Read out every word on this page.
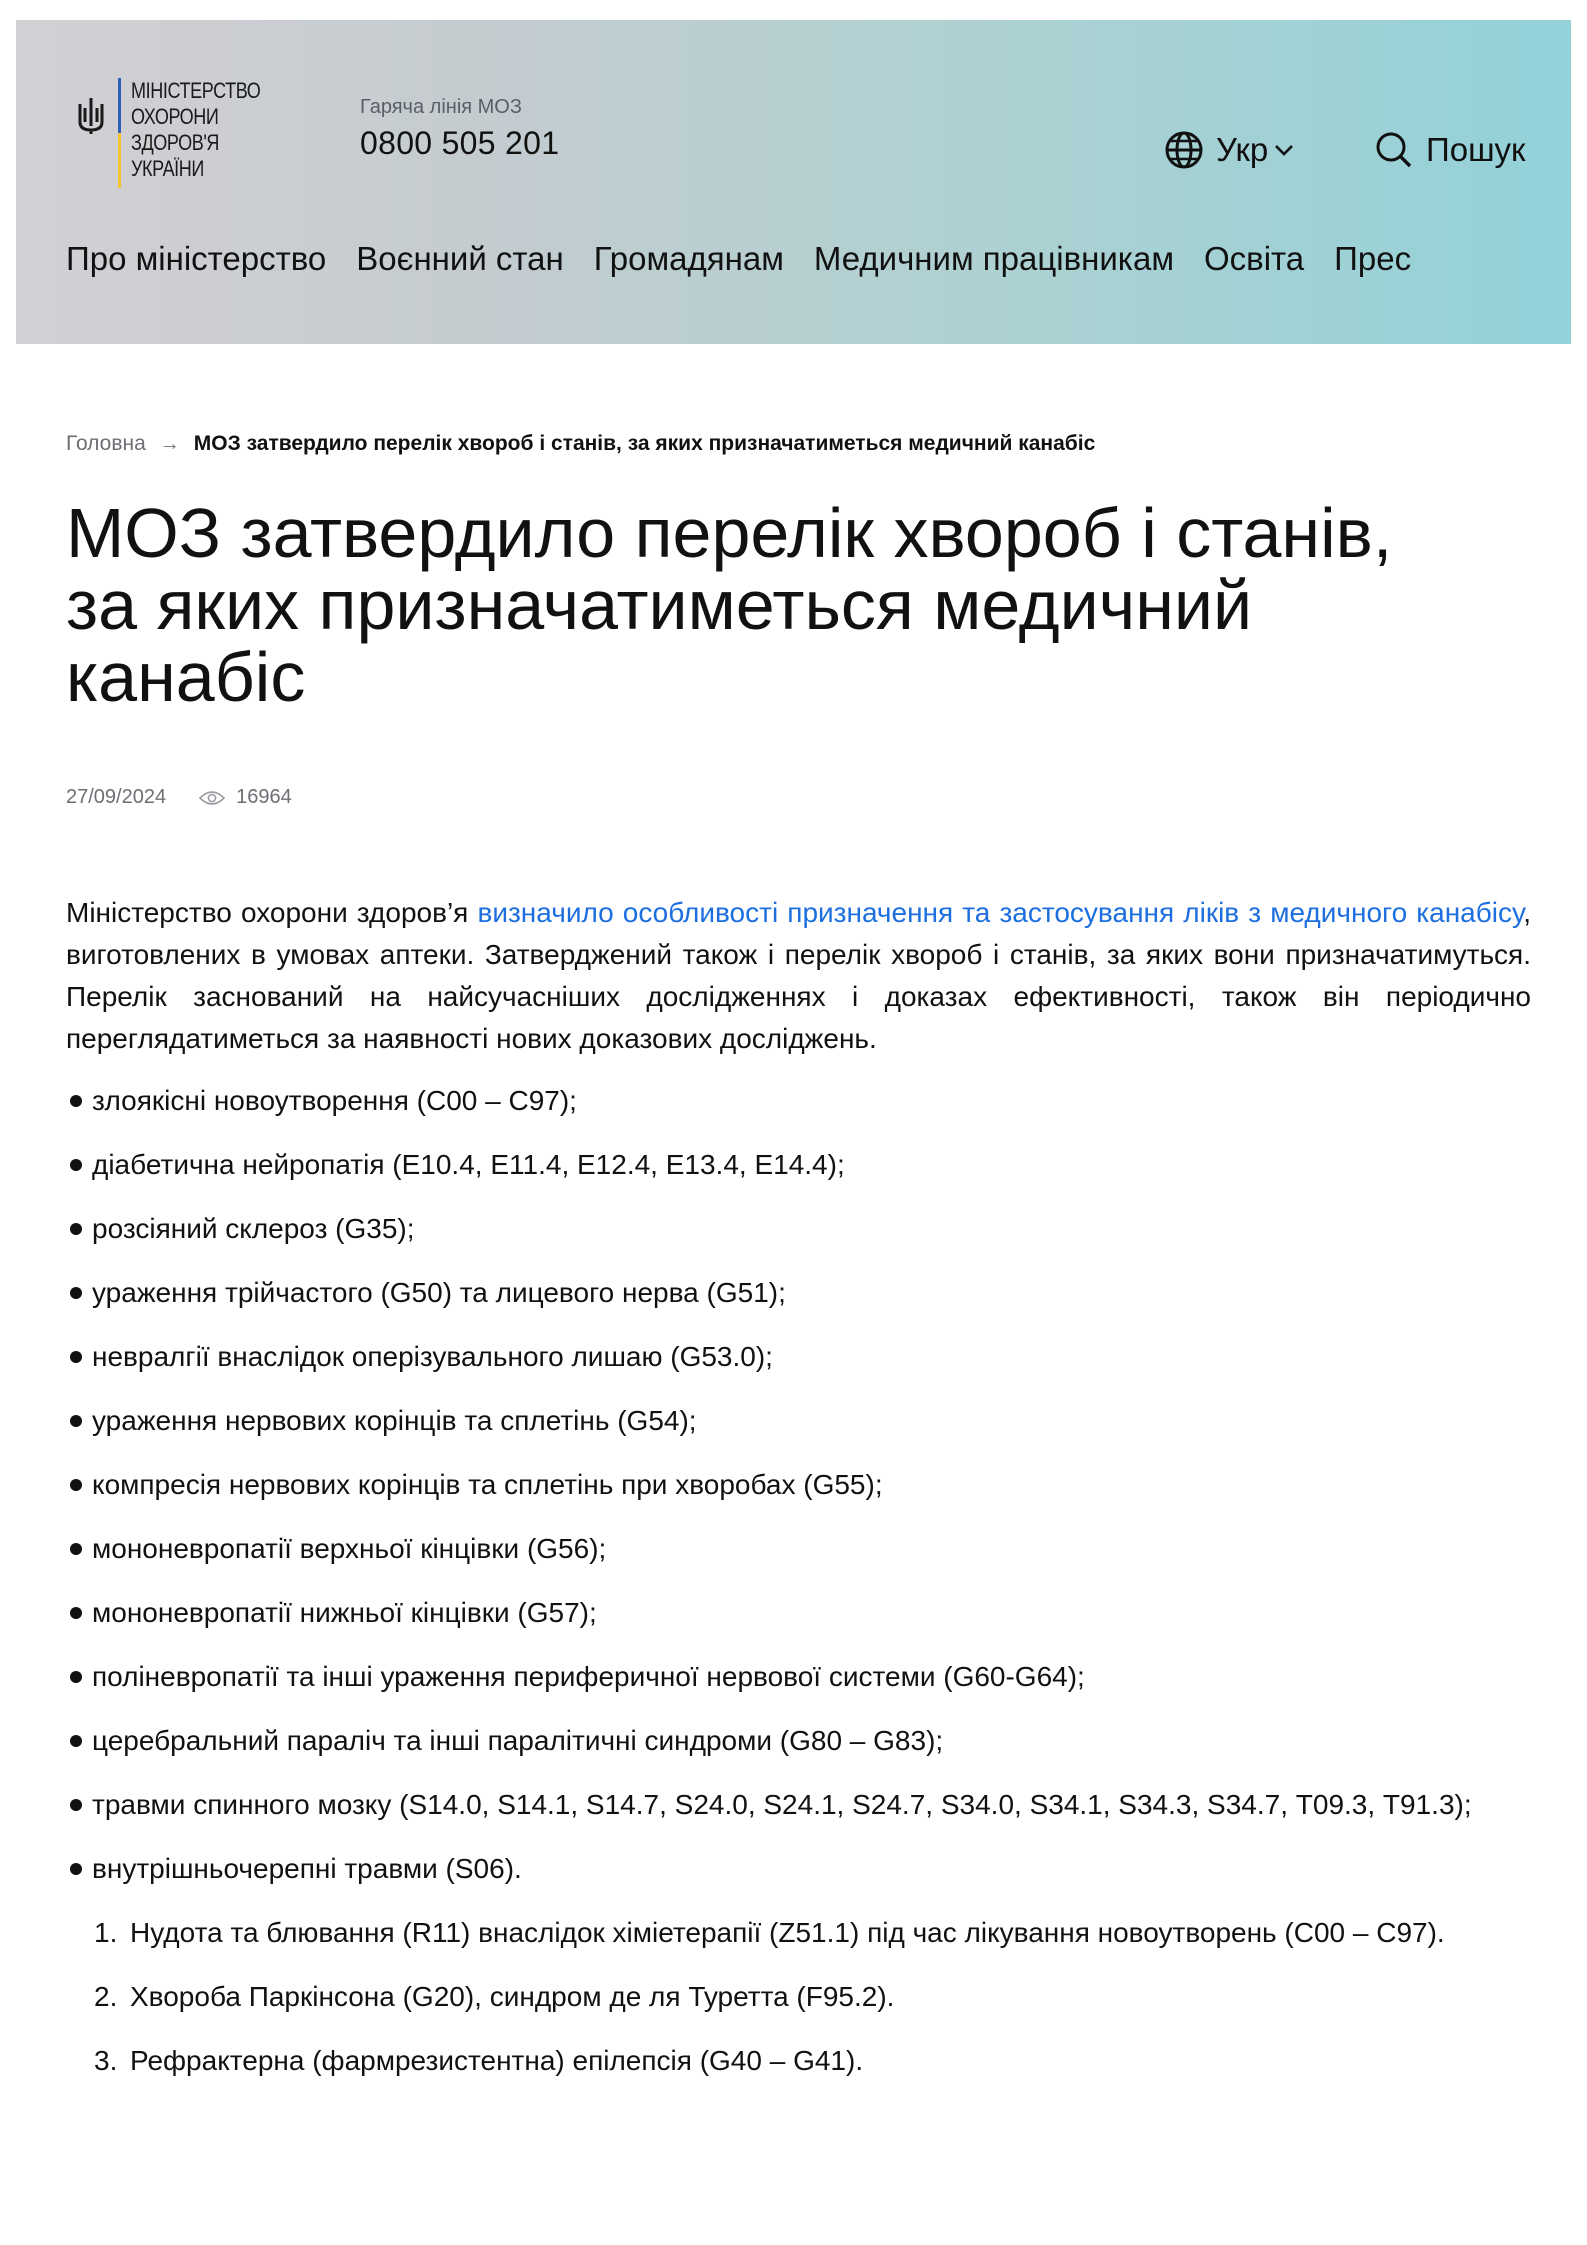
МІНІСТЕРСТВО
ОХОРОНИ
ЗДОРОВ'Я
УКРАЇНИ
Гаряча лінія МОЗ
0800 505 201	Укр	Пошук
Про міністерство Воєнний стан Громадянам Медичним працівникам Освіта Прес
Головна → МОЗ затвердило перелік хвороб і станів, за яких призначатиметься медичний канабіс
МОЗ затвердило перелік хвороб і станів, за яких призначатиметься медичний канабіс
27/09/2024	16964

Міністерство охорони здоров’я визначило особливості призначення та застосування ліків з медичного канабісу, виготовлених в умовах аптеки. Затверджений також і перелік хвороб і станів, за яких вони призначатимуться. Перелік заснований на найсучасніших дослідженнях і доказах ефективності, також він періодично переглядатиметься за наявності нових доказових досліджень.

злоякісні новоутворення (С00 – С97);
діабетична нейропатія (E10.4, E11.4, E12.4, E13.4, E14.4);
розсіяний склероз (G35);
ураження трійчастого (G50) та лицевого нерва (G51);
невралгії внаслідок оперізувального лишаю (G53.0);
ураження нервових корінців та сплетінь (G54);
компресія нервових корінців та сплетінь при хворобах (G55);
мононевропатії верхньої кінцівки (G56);
мононевропатії нижньої кінцівки (G57);
поліневропатії та інші ураження периферичної нервової системи (G60-G64);
церебральний параліч та інші паралітичні синдроми (G80 – G83);
травми спинного мозку (S14.0, S14.1, S14.7, S24.0, S24.1, S24.7, S34.0, S34.1, S34.3, S34.7, Т09.3, T91.3);
внутрішньочерепні травми (S06).
1. Нудота та блювання (R11) внаслідок хіміетерапії (Z51.1) під час лікування новоутворень (С00 – С97).
2. Хвороба Паркінсона (G20), синдром де ля Туретта (F95.2).
3. Рефрактерна (фармрезистентна) епілепсія (G40 – G41).
